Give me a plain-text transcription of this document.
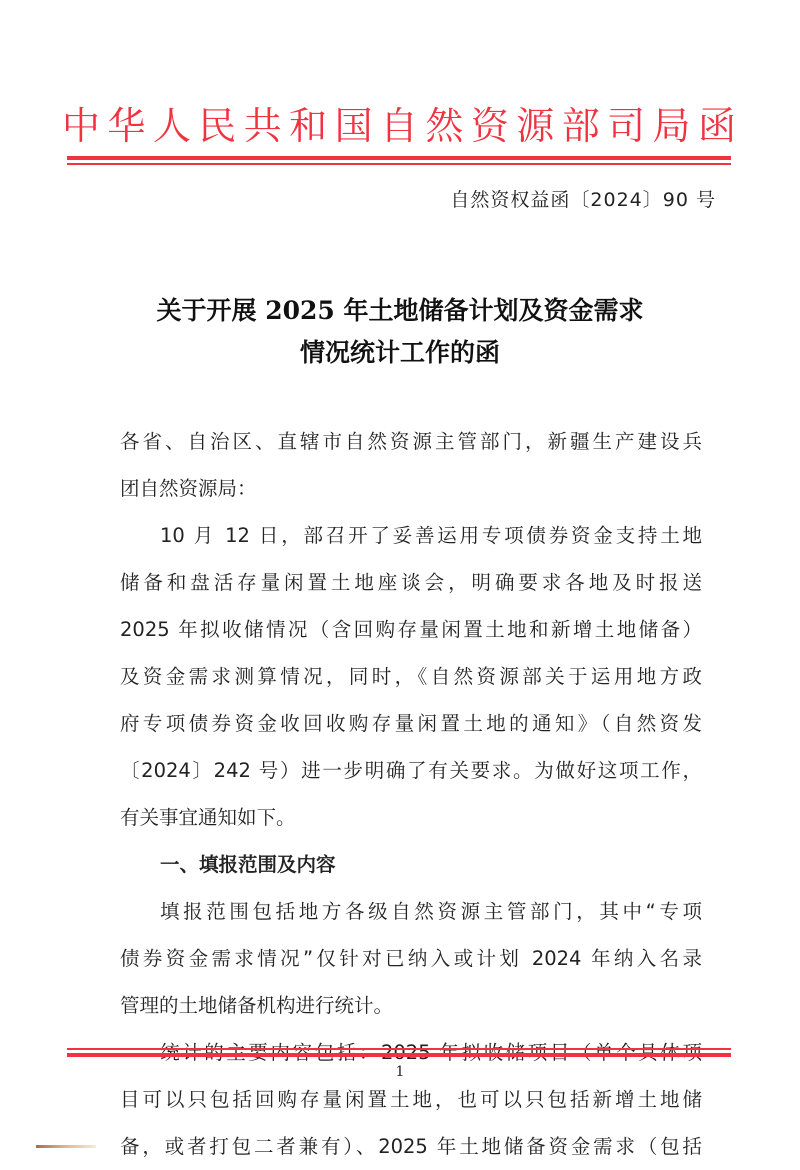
中华人民共和国自然资源部司局函
自然资权益函〔2024〕90 号
关于开展 2025 年土地储备计划及资金需求
情况统计工作的函
各省、自治区、直辖市自然资源主管部门，新疆生产建设兵
团自然资源局：
10 月 12 日，部召开了妥善运用专项债券资金支持土地
储备和盘活存量闲置土地座谈会，明确要求各地及时报送
2025 年拟收储情况（含回购存量闲置土地和新增土地储备）
及资金需求测算情况，同时，《自然资源部关于运用地方政
府专项债券资金收回收购存量闲置土地的通知》（自然资发
〔2024〕242 号）进一步明确了有关要求。为做好这项工作，
有关事宜通知如下。
一、填报范围及内容
填报范围包括地方各级自然资源主管部门，其中“专项
债券资金需求情况”仅针对已纳入或计划 2024 年纳入名录
管理的土地储备机构进行统计。
目可以只包括回购存量闲置土地，也可以只包括新增土地储
备，或者打包二者兼有）、2025 年土地储备资金需求（包括
1
